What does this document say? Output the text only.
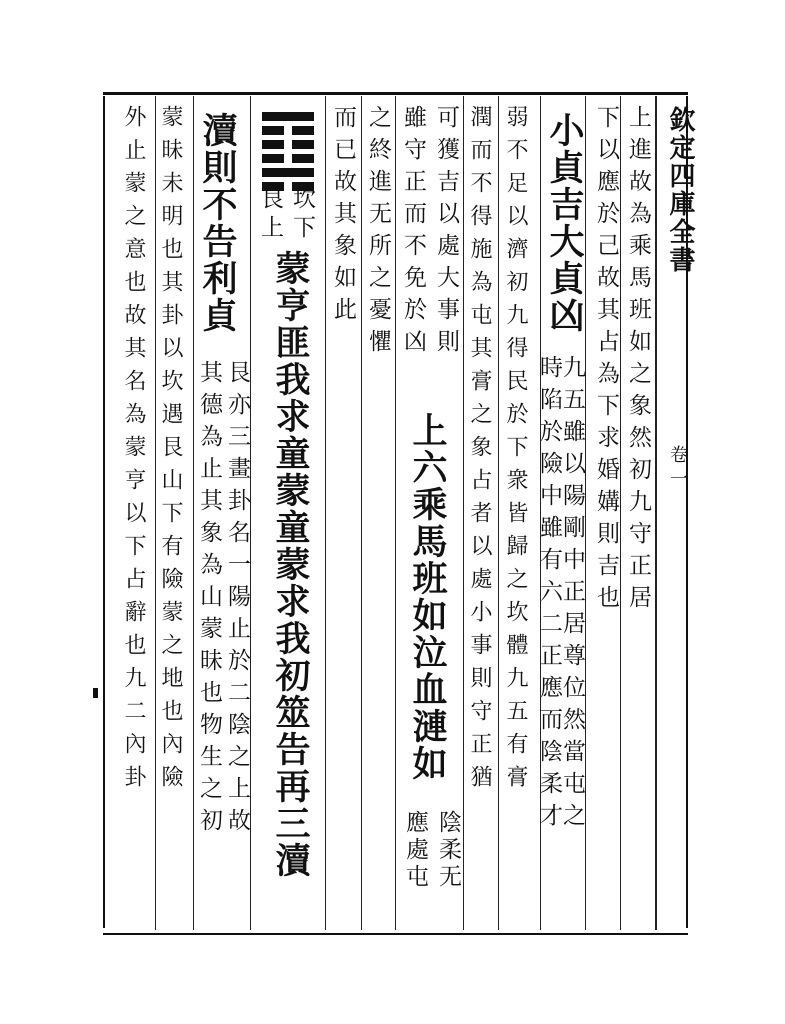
欽定四庫全書
卷一
上進故為乘馬班如之象然初九守正居
下以應於己故其占為下求婚媾則吉也
小貞吉大貞凶
九五雖以陽剛中正居尊位然當屯之
時陷於險中雖有六二正應而陰柔才
弱不足以濟初九得民於下衆皆歸之坎體九五有膏
潤而不得施為屯其膏之象占者以處小事則守正猶
可獲吉以處大事則
雖守正而不免於凶
上六乘馬班如泣血漣如
陰柔无
應處屯
之終進无所之憂懼
而已故其象如此
坎下
艮上
蒙亨匪我求童蒙童蒙求我初筮告再三瀆
瀆則不告利貞
艮亦三畫卦名一陽止於二陰之上故
其德為止其象為山蒙昧也物生之初
蒙昧未明也其卦以坎遇艮山下有險蒙之地也內險
外止蒙之意也故其名為蒙亨以下占辭也九二內卦
